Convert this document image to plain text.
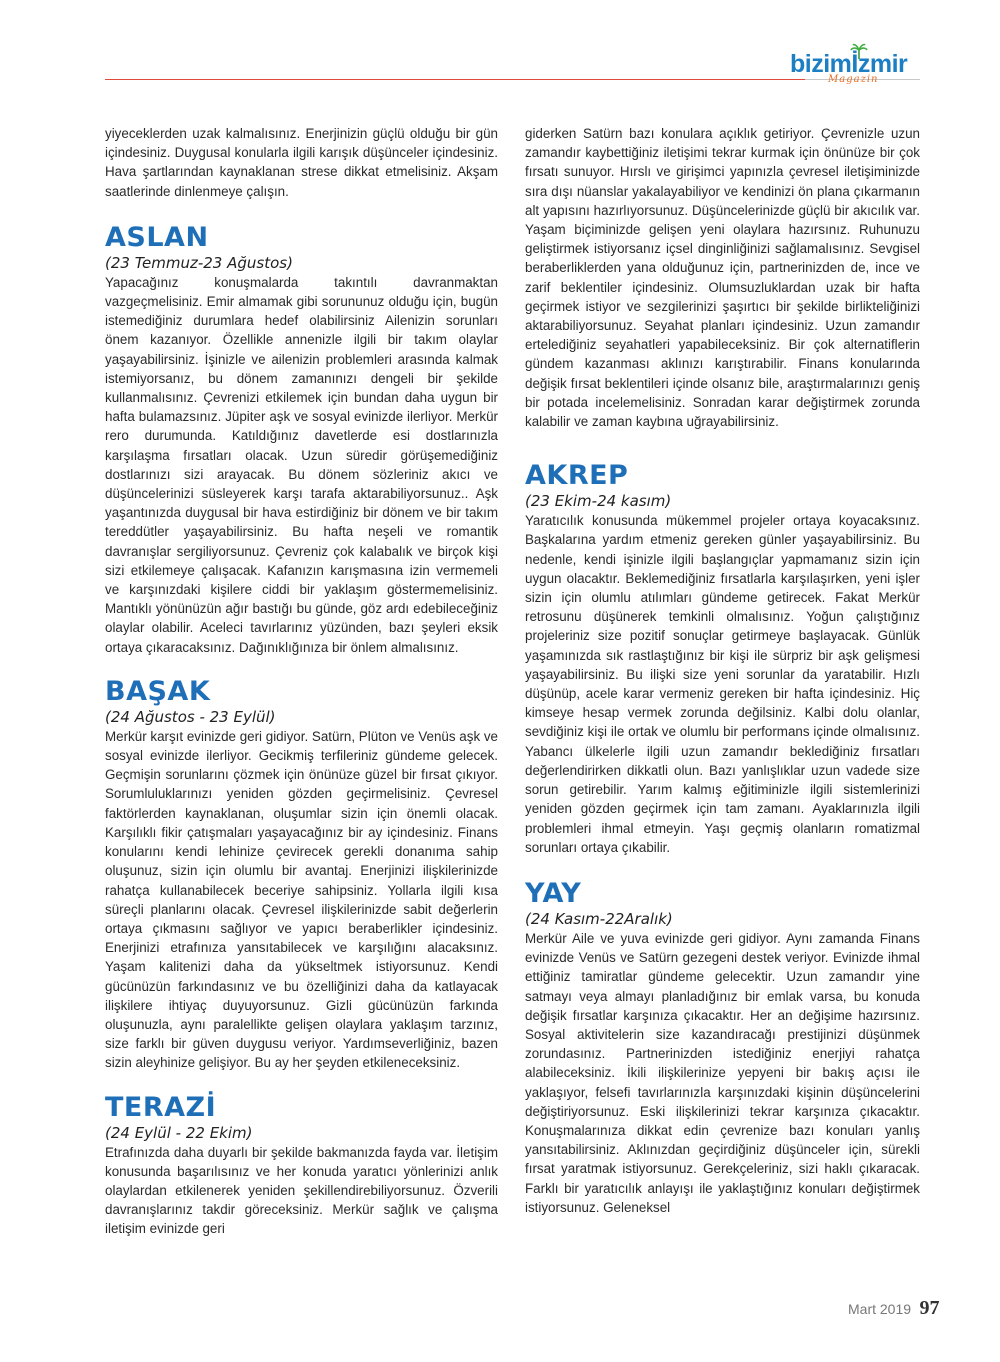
bizimİzmir
Magazin

yiyeceklerden uzak kalmalısınız. Enerjinizin güçlü olduğu bir gün içindesiniz. Duygusal konularla ilgili karışık düşünceler içindesiniz. Hava şartlarından kaynaklanan strese dikkat etmelisiniz. Akşam saatlerinde dinlenmeye çalışın.

ASLAN

(23 Temmuz-23 Ağustos)

Yapacağınız konuşmalarda takıntılı davranmaktan vazgeçmelisiniz. Emir almamak gibi sorununuz olduğu için, bugün istemediğiniz durumlara hedef olabilirsiniz Ailenizin sorunları önem kazanıyor. Özellikle annenizle ilgili bir takım olaylar yaşayabilirsiniz. İşinizle ve ailenizin problemleri arasında kalmak istemiyorsanız, bu dönem zamanınızı dengeli bir şekilde kullanmalısınız. Çevrenizi etkilemek için bundan daha uygun bir hafta bulamazsınız. Jüpiter aşk ve sosyal evinizde ilerliyor. Merkür rero durumunda. Katıldığınız davetlerde esi dostlarınızla karşılaşma fırsatları olacak. Uzun süredir görüşemediğiniz dostlarınızı sizi arayacak. Bu dönem sözleriniz akıcı ve düşüncelerinizi süsleyerek karşı tarafa aktarabiliyorsunuz.. Aşk yaşantınızda duygusal bir hava estirdiğiniz bir dönem ve bir takım tereddütler yaşayabilirsiniz. Bu hafta neşeli ve romantik davranışlar sergiliyorsunuz. Çevreniz çok kalabalık ve birçok kişi sizi etkilemeye çalışacak. Kafanızın karışmasına izin vermemeli ve karşınızdaki kişilere ciddi bir yaklaşım göstermemelisiniz. Mantıklı yönünüzün ağır bastığı bu günde, göz ardı edebileceğiniz olaylar olabilir. Aceleci tavırlarınız yüzünden, bazı şeyleri eksik ortaya çıkaracaksınız. Dağınıklığınıza bir önlem almalısınız.

BAŞAK

(24 Ağustos - 23 Eylül)

Merkür karşıt evinizde geri gidiyor. Satürn, Plüton ve Venüs aşk ve sosyal evinizde ilerliyor. Gecikmiş terfileriniz gündeme gelecek. Geçmişin sorunlarını çözmek için önünüze güzel bir fırsat çıkıyor. Sorumluluklarınızı yeniden gözden geçirmelisiniz. Çevresel faktörlerden kaynaklanan, oluşumlar sizin için önemli olacak. Karşılıklı fikir çatışmaları yaşayacağınız bir ay içindesiniz. Finans konularını kendi lehinize çevirecek gerekli donanıma sahip oluşunuz, sizin için olumlu bir avantaj. Enerjinizi ilişkilerinizde rahatça kullanabilecek beceriye sahipsiniz. Yollarla ilgili kısa süreçli planlarını olacak. Çevresel ilişkilerinizde sabit değerlerin ortaya çıkmasını sağlıyor ve yapıcı beraberlikler içindesiniz. Enerjinizi etrafınıza yansıtabilecek ve karşılığını alacaksınız. Yaşam kalitenizi daha da yükseltmek istiyorsunuz. Kendi gücünüzün farkındasınız ve bu özelliğinizi daha da katlayacak ilişkilere ihtiyaç duyuyorsunuz. Gizli gücünüzün farkında oluşunuzla, aynı paralellikte gelişen olaylara yaklaşım tarzınız, size farklı bir güven duygusu veriyor. Yardımseverliğiniz, bazen sizin aleyhinize gelişiyor. Bu ay her şeyden etkileneceksiniz.

TERAZİ

(24 Eylül - 22 Ekim)

Etrafınızda daha duyarlı bir şekilde bakmanızda fayda var. İletişim konusunda başarılısınız ve her konuda yaratıcı yönlerinizi anlık olaylardan etkilenerek yeniden şekillendirebiliyorsunuz. Özverili davranışlarınız takdir göreceksiniz. Merkür sağlık ve çalışma iletişim evinizde geri

giderken Satürn bazı konulara açıklık getiriyor. Çevrenizle uzun zamandır kaybettiğiniz iletişimi tekrar kurmak için önünüze bir çok fırsatı sunuyor. Hırslı ve girişimci yapınızla çevresel iletişiminizde sıra dışı nüanslar yakalayabiliyor ve kendinizi ön plana çıkarmanın alt yapısını hazırlıyorsunuz. Düşüncelerinizde güçlü bir akıcılık var. Yaşam biçiminizde gelişen yeni olaylara hazırsınız. Ruhunuzu geliştirmek istiyorsanız içsel dinginliğinizi sağlamalısınız. Sevgisel beraberliklerden yana olduğunuz için, partnerinizden de, ince ve zarif beklentiler içindesiniz. Olumsuzluklardan uzak bir hafta geçirmek istiyor ve sezgilerinizi şaşırtıcı bir şekilde birlikteliğinizi aktarabiliyorsunuz. Seyahat planları içindesiniz. Uzun zamandır ertelediğiniz seyahatleri yapabileceksiniz. Bir çok alternatiflerin gündem kazanması aklınızı karıştırabilir. Finans konularında değişik fırsat beklentileri içinde olsanız bile, araştırmalarınızı geniş bir potada incelemelisiniz. Sonradan karar değiştirmek zorunda kalabilir ve zaman kaybına uğrayabilirsiniz.

AKREP

(23 Ekim-24 kasım)

Yaratıcılık konusunda mükemmel projeler ortaya koyacaksınız. Başkalarına yardım etmeniz gereken günler yaşayabilirsiniz. Bu nedenle, kendi işinizle ilgili başlangıçlar yapmamanız sizin için uygun olacaktır. Beklemediğiniz fırsatlarla karşılaşırken, yeni işler sizin için olumlu atılımları gündeme getirecek. Fakat Merkür retrosunu düşünerek temkinli olmalısınız. Yoğun çalıştığınız projeleriniz size pozitif sonuçlar getirmeye başlayacak. Günlük yaşamınızda sık rastlaştığınız bir kişi ile sürpriz bir aşk gelişmesi yaşayabilirsiniz. Bu ilişki size yeni sorunlar da yaratabilir. Hızlı düşünüp, acele karar vermeniz gereken bir hafta içindesiniz. Hiç kimseye hesap vermek zorunda değilsiniz. Kalbi dolu olanlar, sevdiğiniz kişi ile ortak ve olumlu bir performans içinde olmalısınız. Yabancı ülkelerle ilgili uzun zamandır beklediğiniz fırsatları değerlendirirken dikkatli olun. Bazı yanlışlıklar uzun vadede size sorun getirebilir. Yarım kalmış eğitiminizle ilgili sistemlerinizi yeniden gözden geçirmek için tam zamanı. Ayaklarınızla ilgili problemleri ihmal etmeyin. Yaşı geçmiş olanların romatizmal sorunları ortaya çıkabilir.

YAY

(24 Kasım-22Aralık)

Merkür Aile ve yuva evinizde geri gidiyor. Aynı zamanda Finans evinizde Venüs ve Satürn gezegeni destek veriyor. Evinizde ihmal ettiğiniz tamiratlar gündeme gelecektir. Uzun zamandır yine satmayı veya almayı planladığınız bir emlak varsa, bu konuda değişik fırsatlar karşınıza çıkacaktır. Her an değişime hazırsınız. Sosyal aktivitelerin size kazandıracağı prestijinizi düşünmek zorundasınız. Partnerinizden istediğiniz enerjiyi rahatça alabileceksiniz. İkili ilişkilerinize yepyeni bir bakış açısı ile yaklaşıyor, felsefi tavırlarınızla karşınızdaki kişinin düşüncelerini değiştiriyorsunuz. Eski ilişkilerinizi tekrar karşınıza çıkacaktır. Konuşmalarınıza dikkat edin çevrenize bazı konuları yanlış yansıtabilirsiniz. Aklınızdan geçirdiğiniz düşünceler için, sürekli fırsat yaratmak istiyorsunuz. Gerekçeleriniz, sizi haklı çıkaracak. Farklı bir yaratıcılık anlayışı ile yaklaştığınız konuları değiştirmek istiyorsunuz. Geleneksel

Mart 2019 97
